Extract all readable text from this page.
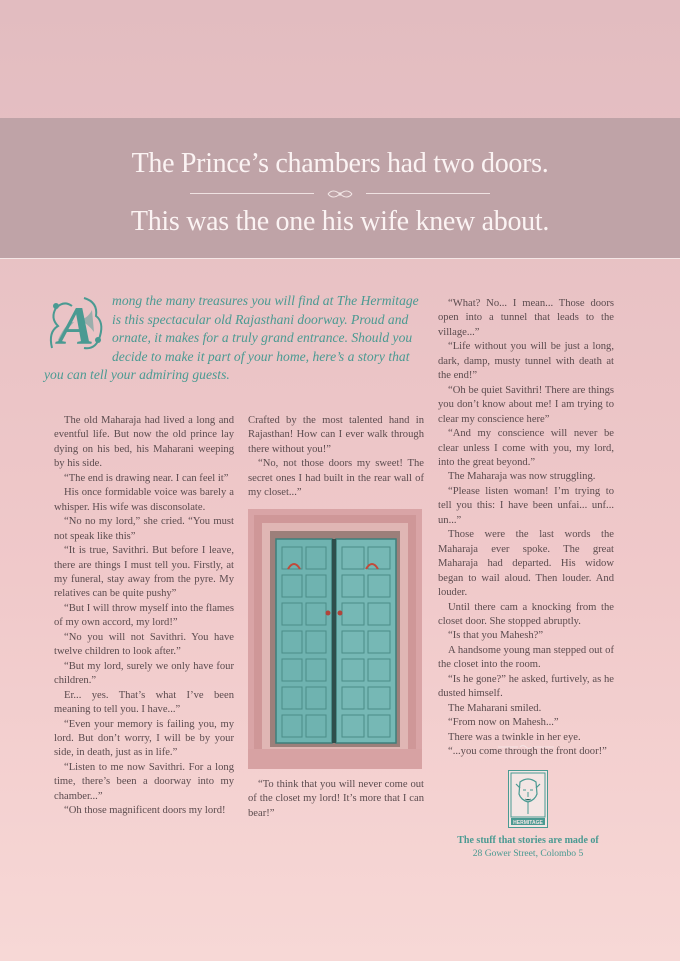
The Prince’s chambers had two doors.
This was the one his wife knew about.
A mong the many treasures you will find at The Hermitage is this spectacular old Rajasthani doorway. Proud and ornate, it makes for a truly grand entrance. Should you decide to make it part of your home, here’s a story that you can tell your admiring guests.

The old Maharaja had lived a long and eventful life. But now the old prince lay dying on his bed, his Maharani weeping by his side.

“The end is drawing near. I can feel it”

His once formidable voice was barely a whisper. His wife was disconsolate.

“No no my lord,” she cried. “You must not speak like this”

“It is true, Savithri. But before I leave, there are things I must tell you. Firstly, at my funeral, stay away from the pyre. My relatives can be quite pushy”

“But I will throw myself into the flames of my own accord, my lord!”

“No you will not Savithri. You have twelve children to look after.”

“But my lord, surely we only have four children.”

Er... yes. That’s what I’ve been meaning to tell you. I have...”

“Even your memory is failing you, my lord. But don’t worry, I will be by your side, in death, just as in life.”

“Listen to me now Savithri. For a long time, there’s been a doorway into my chamber...”

“Oh those magnificent doors my lord!

Crafted by the most talented hand in Rajasthan! How can I ever walk through there without you!”

“No, not those doors my sweet! The secret ones I had built in the rear wall of my closet...”

“To think that you will never come out of the closet my lord! It’s more that I can bear!”

“What? No... I mean... Those doors open into a tunnel that leads to the village...”

“Life without you will be just a long, dark, damp, musty tunnel with death at the end!”

“Oh be quiet Savithri! There are things you don’t know about me! I am trying to clear my conscience here”

“And my conscience will never be clear unless I come with you, my lord, into the great beyond.”

The Maharaja was now struggling.

“Please listen woman! I’m trying to tell you this: I have been unfai... unf... un...”

Those were the last words the Maharaja ever spoke. The great Maharaja had departed. His widow began to wail aloud. Then louder. And louder.

Until there cam a knocking from the closet door. She stopped abruptly.

“Is that you Mahesh?”

A handsome young man stepped out of the closet into the room.

“Is he gone?” he asked, furtively, as he dusted himself.

The Maharani smiled.

“From now on Mahesh...”

There was a twinkle in her eye.

“...you come through the front door!”

HERMITAGE
The stuff that stories are made of
28 Gower Street, Colombo 5
